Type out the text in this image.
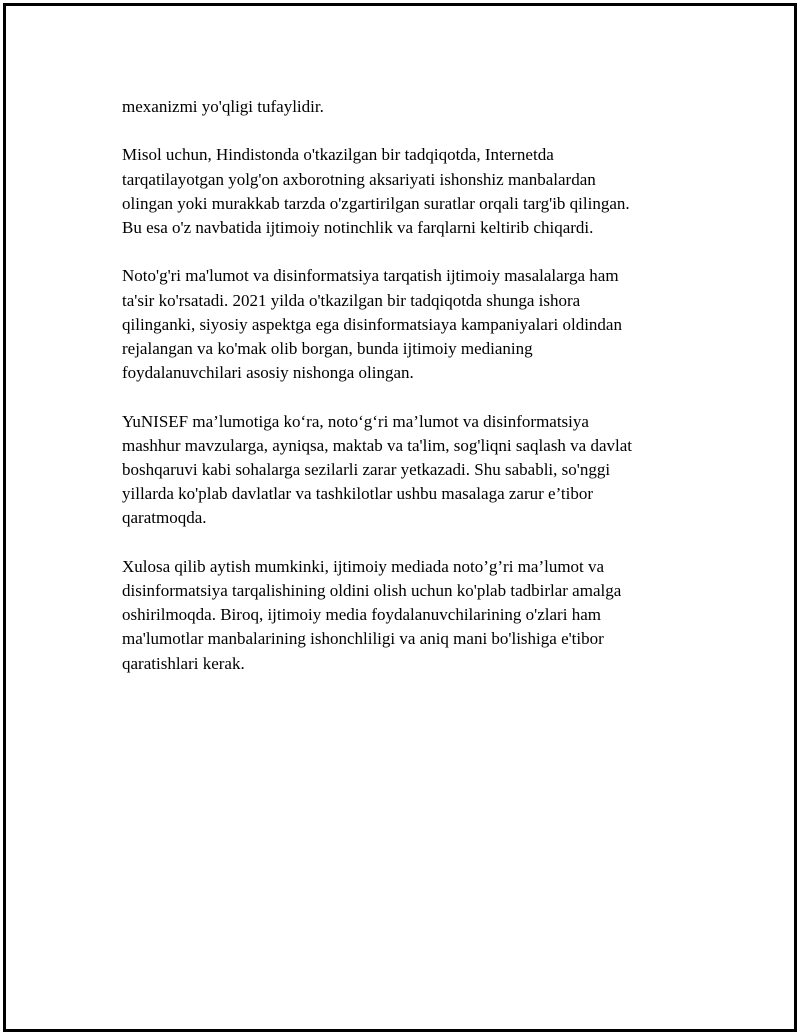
mexanizmi yo'qligi tufaylidir.

Misol uchun, Hindistonda o'tkazilgan bir tadqiqotda, Internetda
tarqatilayotgan yolg'on axborotning aksariyati ishonshiz manbalardan
olingan yoki murakkab tarzda o'zgartirilgan suratlar orqali targ'ib qilingan.
Bu esa o'z navbatida ijtimoiy notinchlik va farqlarni keltirib chiqardi.

Noto'g'ri ma'lumot va disinformatsiya tarqatish ijtimoiy masalalarga ham
ta'sir ko'rsatadi. 2021 yilda o'tkazilgan bir tadqiqotda shunga ishora
qilinganki, siyosiy aspektga ega disinformatsiaya kampaniyalari oldindan
rejalangan va ko'mak olib borgan, bunda ijtimoiy medianing
foydalanuvchilari asosiy nishonga olingan.

YuNISEF ma’lumotiga ko‘ra, noto‘g‘ri ma’lumot va disinformatsiya
mashhur mavzularga, ayniqsa, maktab va ta'lim, sog'liqni saqlash va davlat
boshqaruvi kabi sohalarga sezilarli zarar yetkazadi. Shu sababli, so'nggi
yillarda ko'plab davlatlar va tashkilotlar ushbu masalaga zarur e’tibor
qaratmoqda.

Xulosa qilib aytish mumkinki, ijtimoiy mediada noto’g’ri ma’lumot va
disinformatsiya tarqalishining oldini olish uchun ko'plab tadbirlar amalga
oshirilmoqda. Biroq, ijtimoiy media foydalanuvchilarining o'zlari ham
ma'lumotlar manbalarining ishonchliligi va aniq mani bo'lishiga e'tibor
qaratishlari kerak.
